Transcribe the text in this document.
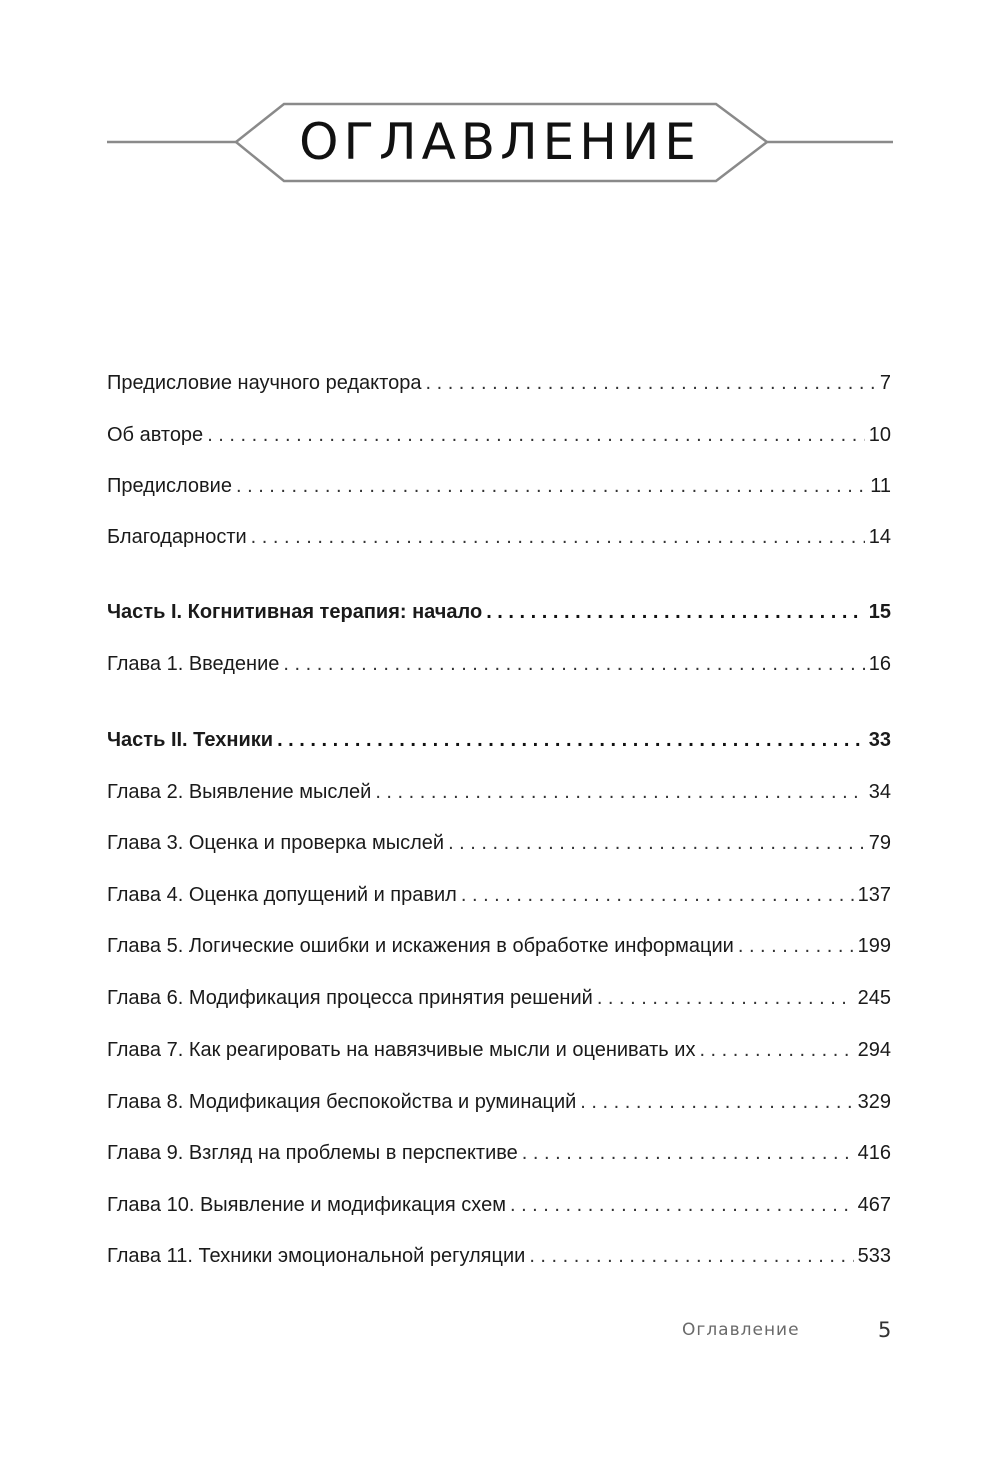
ОГЛАВЛЕНИЕ
Предисловие научного редактора . . .	7
Об авторе . . .	10
Предисловие . . .	11
Благодарности . . .	14
Часть I. Когнитивная терапия: начало . . .	15
Глава 1. Введение . . .	16
Часть II. Техники . . .	33
Глава 2. Выявление мыслей . . .	34
Глава 3. Оценка и проверка мыслей . . .	79
Глава 4. Оценка допущений и правил . . .	137
Глава 5. Логические ошибки и искажения в обработке информации . . .	199
Глава 6. Модификация процесса принятия решений . . .	245
Глава 7. Как реагировать на навязчивые мысли и оценивать их . . .	294
Глава 8. Модификация беспокойства и руминаций . . .	329
Глава 9. Взгляд на проблемы в перспективе . . .	416
Глава 10. Выявление и модификация схем . . .	467
Глава 11. Техники эмоциональной регуляции . . .	533
Оглавление	5
